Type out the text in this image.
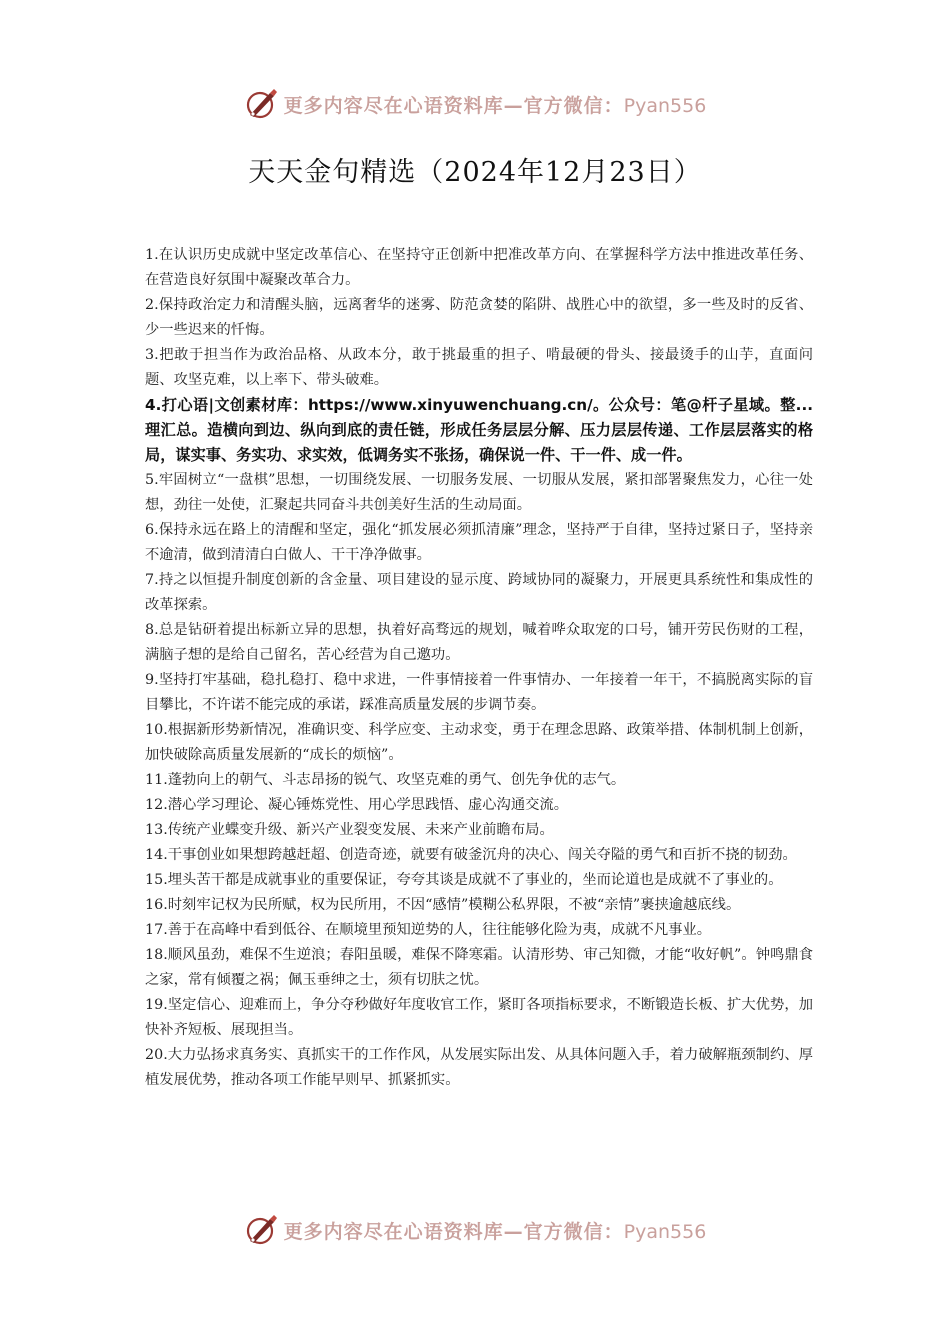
更多内容尽在心语资料库—官方微信：Pyan556
天天金句精选（2024年12月23日）

1.在认识历史成就中坚定改革信心、在坚持守正创新中把准改革方向、在掌握科学方法中推进改革任务、在营造良好氛围中凝聚改革合力。

2.保持政治定力和清醒头脑，远离奢华的迷雾、防范贪婪的陷阱、战胜心中的欲望，多一些及时的反省、少一些迟来的忏悔。

3.把敢于担当作为政治品格、从政本分，敢于挑最重的担子、啃最硬的骨头、接最烫手的山芋，直面问题、攻坚克难，以上率下、带头破难。

4.打心语|文创素材库：https://www.xinyuwenchuang.cn/。公众号：笔@杆子星域。整...理汇总。造横向到边、纵向到底的责任链，形成任务层层分解、压力层层传递、工作层层落实的格局，谋实事、务实功、求实效，低调务实不张扬，确保说一件、干一件、成一件。

5.牢固树立“一盘棋”思想，一切围绕发展、一切服务发展、一切服从发展，紧扣部署聚焦发力，心往一处想，劲往一处使，汇聚起共同奋斗共创美好生活的生动局面。

6.保持永远在路上的清醒和坚定，强化“抓发展必须抓清廉”理念，坚持严于自律，坚持过紧日子，坚持亲不逾清，做到清清白白做人、干干净净做事。

7.持之以恒提升制度创新的含金量、项目建设的显示度、跨域协同的凝聚力，开展更具系统性和集成性的改革探索。

8.总是钻研着提出标新立异的思想，执着好高骛远的规划，喊着哗众取宠的口号，铺开劳民伤财的工程，满脑子想的是给自己留名，苦心经营为自己邀功。

9.坚持打牢基础，稳扎稳打、稳中求进，一件事情接着一件事情办、一年接着一年干，不搞脱离实际的盲目攀比，不许诺不能完成的承诺，踩准高质量发展的步调节奏。

10.根据新形势新情况，准确识变、科学应变、主动求变，勇于在理念思路、政策举措、体制机制上创新，加快破除高质量发展新的“成长的烦恼”。

11.蓬勃向上的朝气、斗志昂扬的锐气、攻坚克难的勇气、创先争优的志气。

12.潜心学习理论、凝心锤炼党性、用心学思践悟、虚心沟通交流。

13.传统产业蝶变升级、新兴产业裂变发展、未来产业前瞻布局。

14.干事创业如果想跨越赶超、创造奇迹，就要有破釜沉舟的决心、闯关夺隘的勇气和百折不挠的韧劲。

15.埋头苦干都是成就事业的重要保证，夸夸其谈是成就不了事业的，坐而论道也是成就不了事业的。

16.时刻牢记权为民所赋，权为民所用，不因“感情”模糊公私界限，不被“亲情”裹挟逾越底线。

17.善于在高峰中看到低谷、在顺境里预知逆势的人，往往能够化险为夷，成就不凡事业。

18.顺风虽劲，难保不生逆浪；春阳虽暖，难保不降寒霜。认清形势、审己知微，才能“收好帆”。钟鸣鼎食之家，常有倾覆之祸；佩玉垂绅之士，须有切肤之忧。

19.坚定信心、迎难而上，争分夺秒做好年度收官工作，紧盯各项指标要求，不断锻造长板、扩大优势，加快补齐短板、展现担当。

20.大力弘扬求真务实、真抓实干的工作作风，从发展实际出发、从具体问题入手，着力破解瓶颈制约、厚植发展优势，推动各项工作能早则早、抓紧抓实。

更多内容尽在心语资料库—官方微信：Pyan556
